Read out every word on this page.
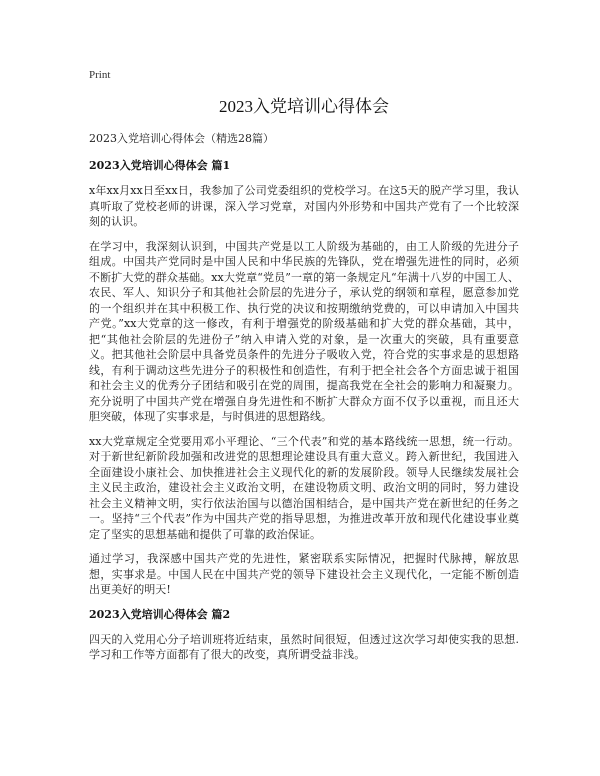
Print
2023入党培训心得体会
2023入党培训心得体会（精选28篇）
2023入党培训心得体会 篇1

x年xx月xx日至xx日，我参加了公司党委组织的党校学习。在这5天的脱产学习里，我认真听取了党校老师的讲课，深入学习党章，对国内外形势和中国共产党有了一个比较深刻的认识。

在学习中，我深刻认识到，中国共产党是以工人阶级为基础的，由工人阶级的先进分子组成。中国共产党同时是中国人民和中华民族的先锋队，党在增强先进性的同时，必须不断扩大党的群众基础。xx大党章“党员”一章的第一条规定凡“年满十八岁的中国工人、农民、军人、知识分子和其他社会阶层的先进分子，承认党的纲领和章程，愿意参加党的一个组织并在其中积极工作、执行党的决议和按期缴纳党费的，可以申请加入中国共产党。”xx大党章的这一修改，有利于增强党的阶级基础和扩大党的群众基础，其中，把“其他社会阶层的先进份子”纳入申请入党的对象，是一次重大的突破，具有重要意义。把其他社会阶层中具备党员条件的先进分子吸收入党，符合党的实事求是的思想路线，有利于调动这些先进分子的积极性和创造性，有利于把全社会各个方面忠诚于祖国和社会主义的优秀分子团结和吸引在党的周围，提高我党在全社会的影响力和凝聚力。充分说明了中国共产党在增强自身先进性和不断扩大群众方面不仅予以重视，而且还大胆突破，体现了实事求是，与时俱进的思想路线。

xx大党章规定全党要用邓小平理论、“三个代表”和党的基本路线统一思想，统一行动。对于新世纪新阶段加强和改进党的思想理论建设具有重大意义。跨入新世纪，我国进入全面建设小康社会、加快推进社会主义现代化的新的发展阶段。领导人民继续发展社会主义民主政治，建设社会主义政治文明，在建设物质文明、政治文明的同时，努力建设社会主义精神文明，实行依法治国与以德治国相结合，是中国共产党在新世纪的任务之一。坚持“三个代表”作为中国共产党的指导思想，为推进改革开放和现代化建设事业奠定了坚实的思想基础和提供了可靠的政治保证。

通过学习，我深感中国共产党的先进性，紧密联系实际情况，把握时代脉搏，解放思想，实事求是。中国人民在中国共产党的领导下建设社会主义现代化，一定能不断创造出更美好的明天!

2023入党培训心得体会 篇2

四天的入党用心分子培训班将近结束，虽然时间很短，但透过这次学习却使实我的思想.学习和工作等方面都有了很大的改变，真所谓受益非浅。
